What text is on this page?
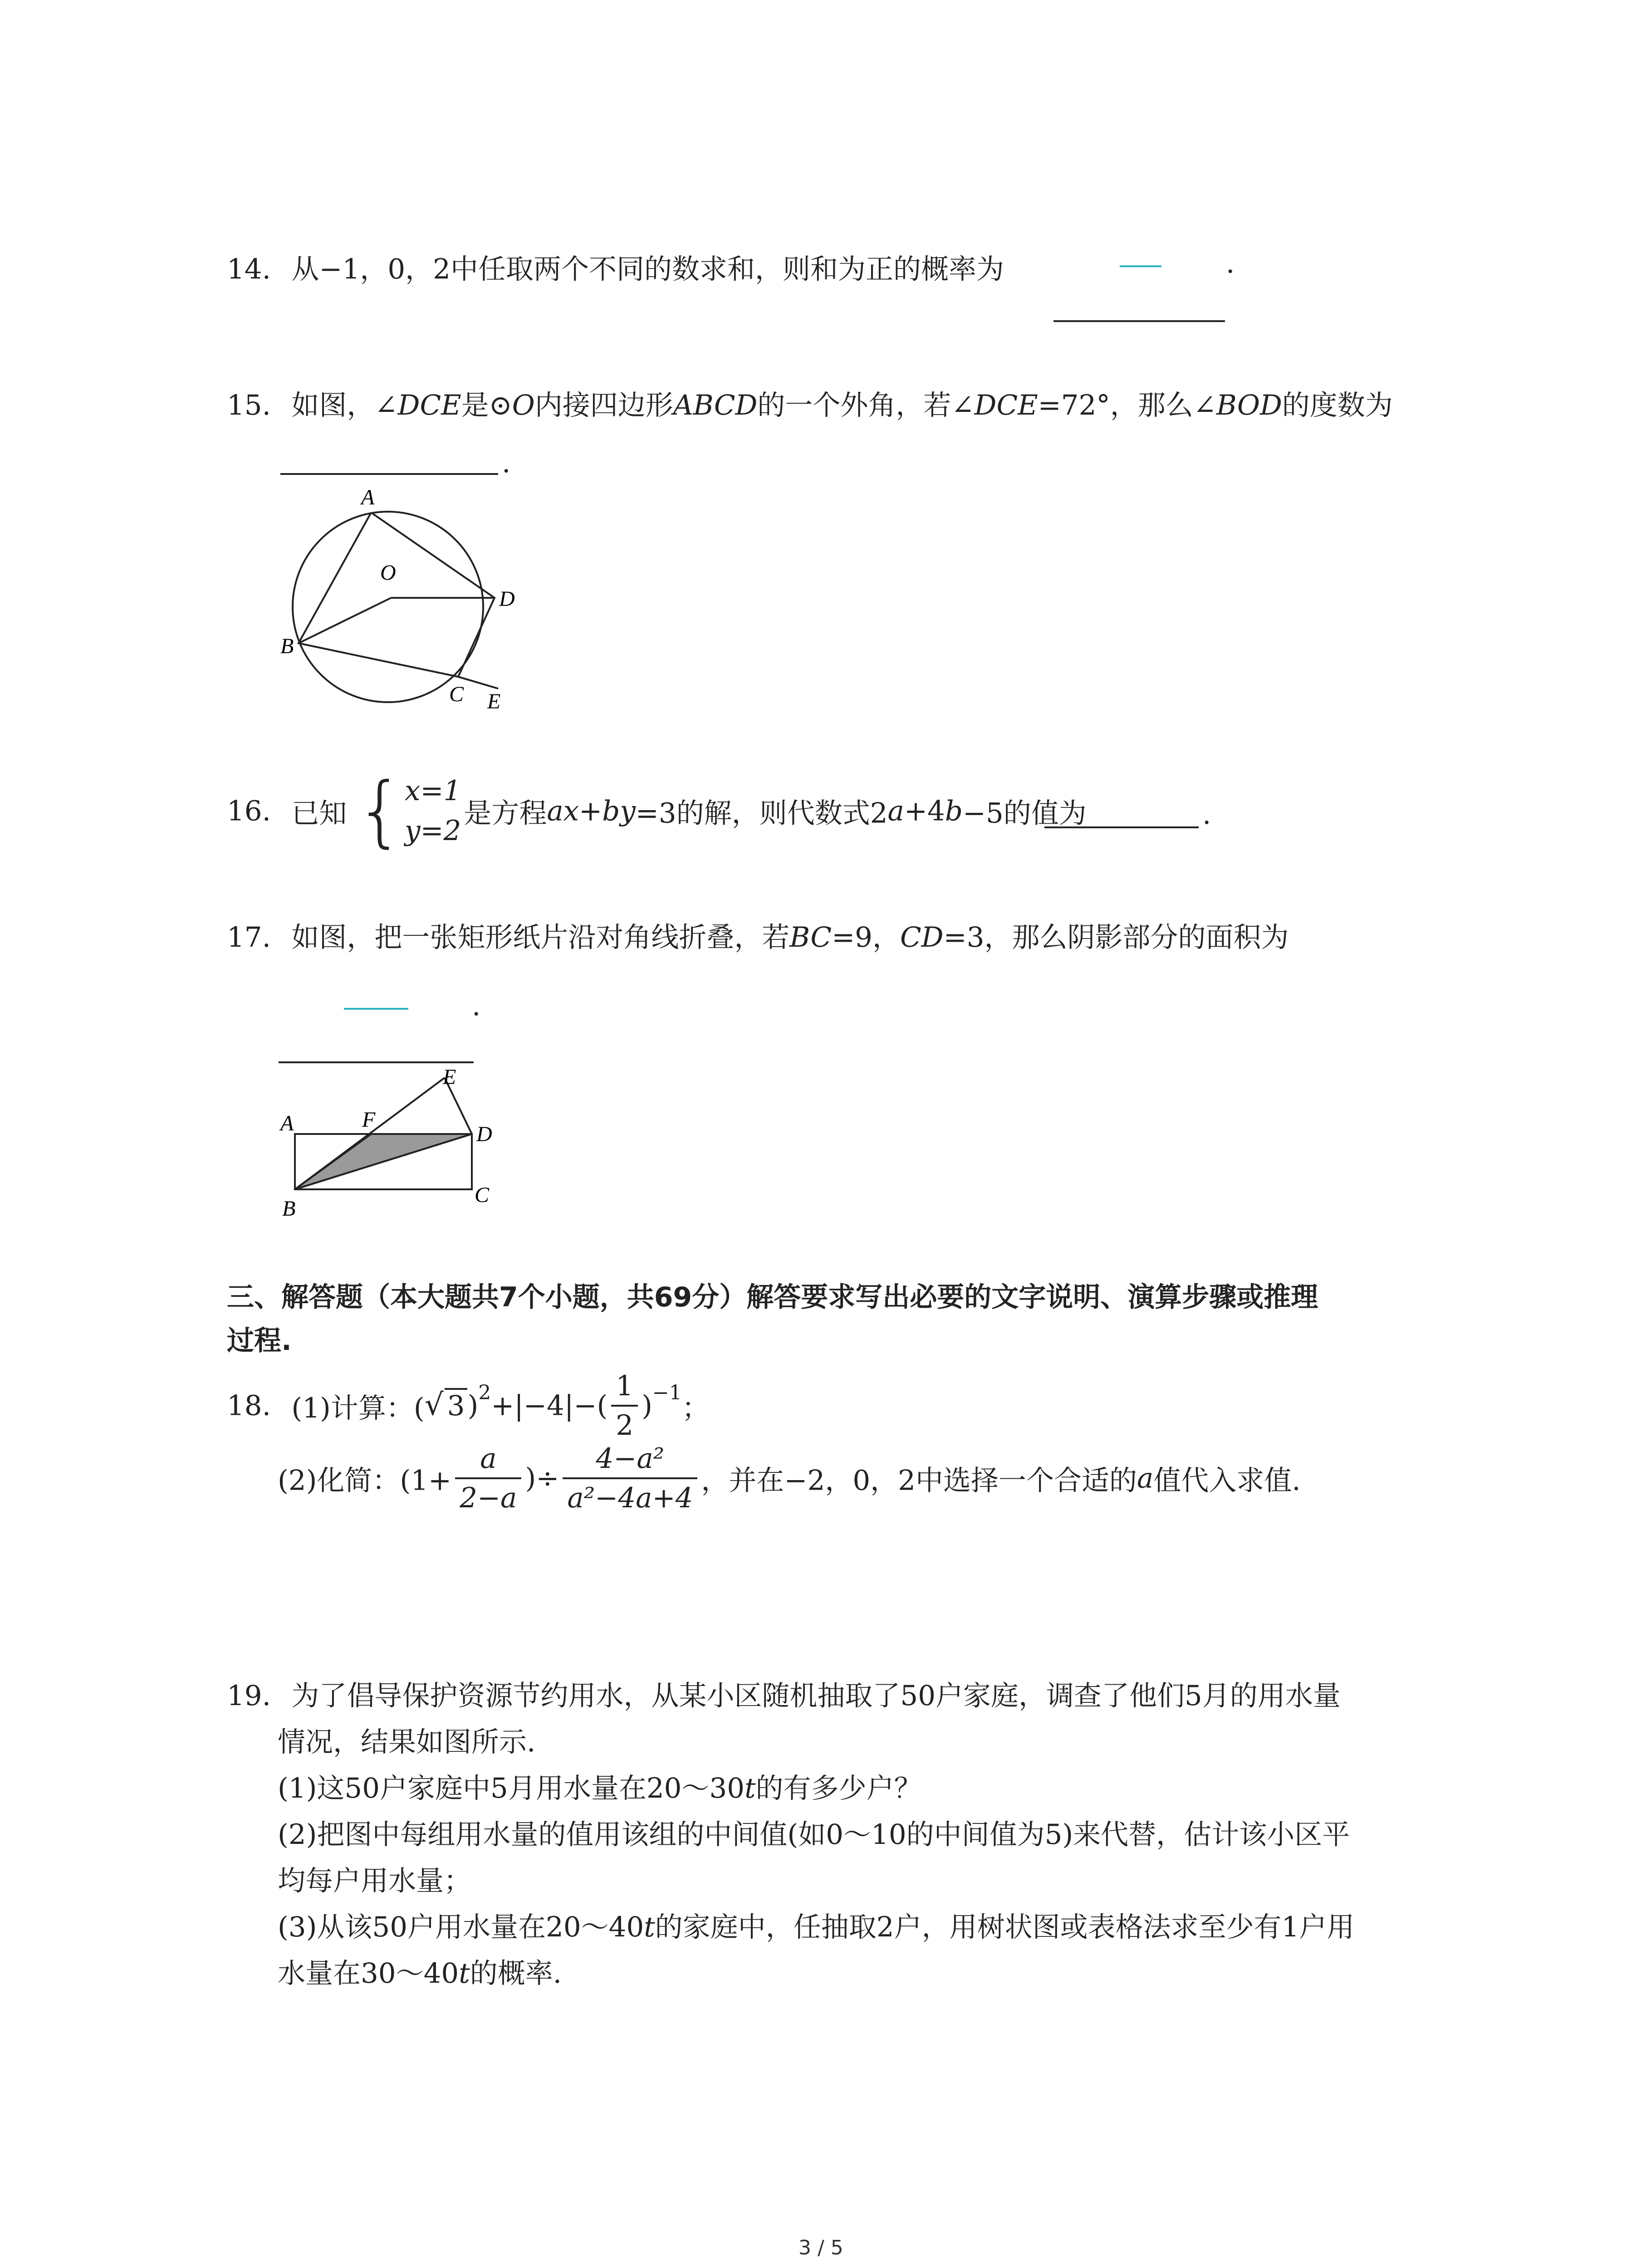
14. 从−1，0，2中任取两个不同的数求和，则和为正的概率为	.
15. 如图，∠DCE是⊙O内接四边形ABCD的一个外角，若∠DCE=72°，那么∠BOD的度数为
.
A
O
D
B
C E
16. 已知 { x=1
y=2
是方程ax+by=3的解，则代数式2a+4b−5的值为	.
17. 如图，把一张矩形纸片沿对角线折叠，若BC=9，CD=3，那么阴影部分的面积为
.
A	F
E
D
B
C
三、解答题（本大题共7个小题，共69分）解答要求写出必要的文字说明、演算步骤或推理
过程.
18. (1)计算：( √ $3)^2+|-4|-( \frac{1}{2} )^{-1}$；
(2)化简：($1+ \frac{a}{2-a}$ )÷ $\frac{\text{4−a²}}{\text{a²−4a+4}}$ ，并在−2，0，2中选择一个合适的a值代入求值.
19. 为了倡导保护资源节约用水，从某小区随机抽取了50户家庭，调查了他们5月的用水量
情况，结果如图所示.
(1)这50户家庭中5月用水量在20～30t的有多少户？
(2)把图中每组用水量的值用该组的中间值(如0～10的中间值为5)来代替，估计该小区平
均每户用水量；
(3)从该50户用水量在20～40t的家庭中，任抽取2户，用树状图或表格法求至少有1户用
水量在30～40t的概率.
3 / 5
